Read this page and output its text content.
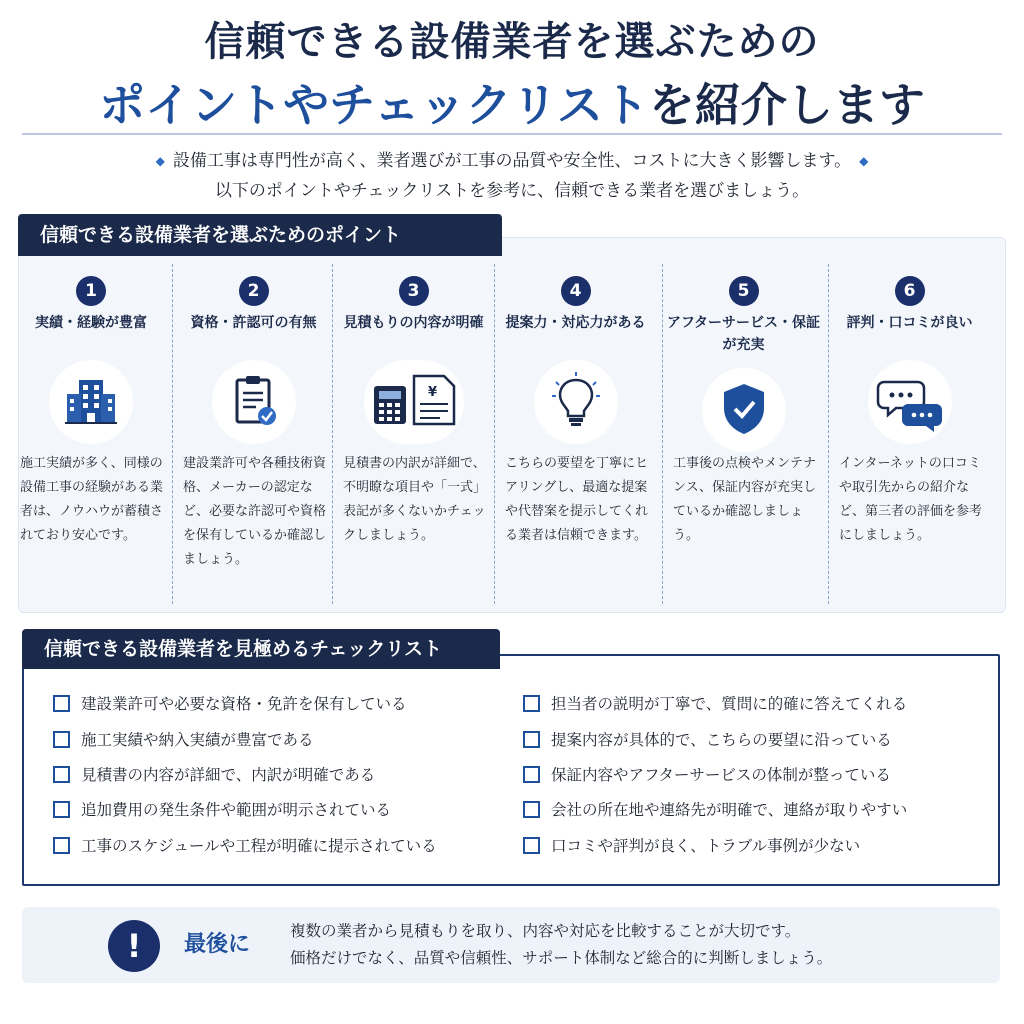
信頼できる設備業者を選ぶための
ポイントやチェックリストを紹介します
◆ 設備工事は専門性が高く、業者選びが工事の品質や安全性、コストに大きく影響します。 ◆
以下のポイントやチェックリストを参考に、信頼できる業者を選びましょう。
信頼できる設備業者を選ぶためのポイント
1
実績・経験が豊富
施工実績が多く、同様の設備工事の経験がある業者は、ノウハウが蓄積されており安心です。
2
資格・許認可の有無
建設業許可や各種技術資格、メーカーの認定など、必要な許認可や資格を保有しているか確認しましょう。
3
見積もりの内容が明確
¥
見積書の内訳が詳細で、不明瞭な項目や「一式」表記が多くないかチェックしましょう。
4
提案力・対応力がある
こちらの要望を丁寧にヒアリングし、最適な提案や代替案を提示してくれる業者は信頼できます。
5
アフターサービス・保証が充実
工事後の点検やメンテナンス、保証内容が充実しているか確認しましょう。
6
評判・口コミが良い
インターネットの口コミや取引先からの紹介など、第三者の評価を参考にしましょう。
信頼できる設備業者を見極めるチェックリスト
建設業許可や必要な資格・免許を保有している
施工実績や納入実績が豊富である
見積書の内容が詳細で、内訳が明確である
追加費用の発生条件や範囲が明示されている
工事のスケジュールや工程が明確に提示されている
担当者の説明が丁寧で、質問に的確に答えてくれる
提案内容が具体的で、こちらの要望に沿っている
保証内容やアフターサービスの体制が整っている
会社の所在地や連絡先が明確で、連絡が取りやすい
口コミや評判が良く、トラブル事例が少ない
!	最後に
複数の業者から見積もりを取り、内容や対応を比較することが大切です。
価格だけでなく、品質や信頼性、サポート体制など総合的に判断しましょう。
